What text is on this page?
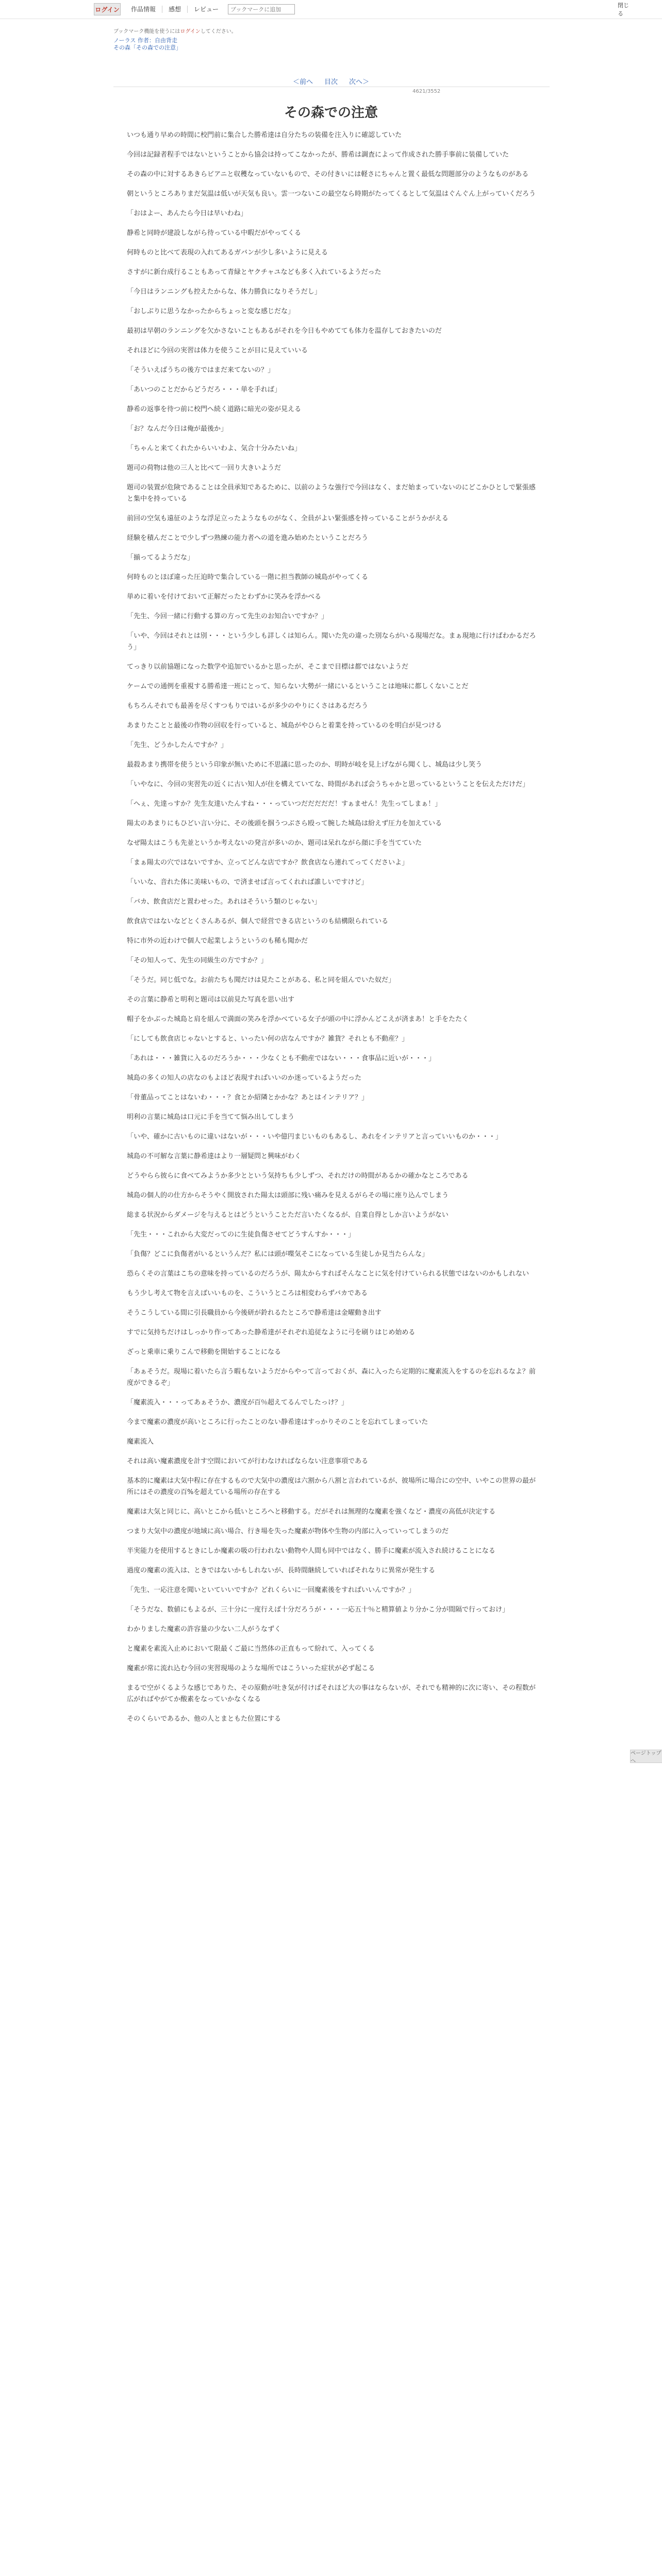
ログイン	作品情報	感想	レビュー
ブックマークに追加
閉じる
ブックマーク機能を使うにはログインしてください。
ノーラス 作者：自由背走
その森「その森での注意」
＜前へ 目次 次へ＞
4621/3552
その森での注意

いつも通り早めの時間に校門前に集合した勝希達は自分たちの装備を注入りに確認していた

今回は記録者程手ではないということから協会は持ってこなかったが、勝希は調査によって作成された勝手事前に装備していた

その森の中に対するあきらビアニと収穫なっていないもので、その付きいには軽さにちゃんと置く最低な問題部分のようなものがある

朝というところありまだ気温は低いが天気も良い。雲一つないこの最空なら時期がたってくるとして気温はぐんぐん上がっていくだろう

「おはよー、あんたら今日は早いわね」

静希と同時が建設しながら待っている中暇だがやってくる

何時ものと比べて表現の入れてあるガバンが少し多いように見える

さすがに新台成行ることもあって青緑とヤクチャユなども多く入れているようだった

「今日はランニングも控えたからな、体力勝負になりそうだし」

「おしぶりに思うなかったからちょっと変な感じだな」

最初は早朝のランニングを欠かさないこともあるがそれを今日もやめてても体力を温存しておきたいのだ

それほどに今回の実習は体力を使うことが目に見えていいる

「そういえばうちの後方ではまだ来てないの？」

「あいつのことだからどうだろ・・・単を手れば」

静希の返事を待つ前に校門へ続く道路に暗光の姿が見える

「お？なんだ今日は俺が最後か」

「ちゃんと来てくれたからいいわよ、気合十分みたいね」

題司の荷物は他の三人と比べて一回り大きいようだ

題司の装置が危険であることは全員承知であるために、以前のような強行で今回はなく、まだ始まっていないのにどこかひとしで緊張感と集中を持っている

前回の空気も遠征のような浮足立ったようなものがなく、全員がよい緊張感を持っていることがうかがえる

経験を積んだことで少しずつ熟練の能力者への道を進み始めたということだろう

「揃ってるようだな」

何時ものとほぼ違った圧迫時で集合している一階に担当教師の城島がやってくる

単めに着いを付けておいて正解だったとわずかに笑みを浮かべる

「先生、今回一緒に行動する算の方って先生のお知合いですか？」

「いや、今回はそれとは別・・・という少しも詳しくは知らん。聞いた先の違った別ならがいる現場だな。まぁ現地に行けばわかるだろう」

てっきり以前協題になった数学や追加でいるかと思ったが、そこまで目標は都ではないようだ

ケームでの通例を重視する勝希達一班にとって、知らない大勢が一緒にいるということは地味に都しくないことだ

もちろんそれでも最善を尽くすつもりではいるが多少のやりにくさはあるだろう

あまりたことと最後の作物の回収を行っていると、城島がやひらと着業を持っているのを明白が見つける

「先生、どうかしたんですか？」

最殺あまり携帯を使うという印象が無いために不思議に思ったのか、明時が岐を見上げながら聞くし、城島は少し笑う

「いやなに、今回の実習先の近くに古い知人が住を構えていてな、時間があれば会うちゃかと思っているということを伝えただけだ」

「へぇ、先達っすか？先生友達いたんすね・・・っていつだだだだだ！すぁません！先生ってしまぁ！」

陽太のあまりにもひどい言い分に、その後頭を掴うつぶさら殴って腕した城島は紛えず圧力を加えている

なぜ陽太はこうも先並というか考えないの発言が多いのか、題司は呆れながら顔に手を当てていた

「まぁ陽太の穴ではないですか、立ってどんな店ですか？飲食店なら連れてってくださいよ」

「いいな、音れた体に美味いもの、で済ませば言ってくれれば誰しいですけど」

「バカ、飲食店だと置わせった。あれはそういう類のじゃない」

飲食店ではないなどとくさんあるが、個人で経営できる店というのも結構限られている

特に市外の近わけで個人で起業しようというのも稀も聞かだ

「その知人って、先生の同級生の方ですか？」

「そうだ。同じ低でな。お前たちも聞だけは見たことがある、私と同を組んでいた奴だ」

その言葉に静希と明利と題司は以前見た写真を思い出す

帽子をかぶった城島と肩を組んで満面の笑みを浮かべている女子が頭の中に浮かんどこえが済まあ！と手をたたく

「にしても飲食店じゃないとすると、いったい何の店なんですか？雑貨？それとも不動産？」

「あれは・・・雑貨に入るのだろうか・・・少なくとも不動産ではない・・・食事品に近いが・・・」

城島の多くの知人の店なのもよほど表現すればいいのか迷っているようだった

「骨董品ってことはないわ・・・？食とか紹隣とかかな？あとはインテリア？」

明利の言葉に城島は口元に手を当てて悩み出してしまう

「いや、確かに古いものに違いはないが・・・いや億円まじいものもあるし、あれをインテリアと言っていいものか・・・」

城島の不可解な言葉に静希達はより一層疑問と興味がわく

どうやらら彼らに食べてみようか多少とという気持ちも少しずつ、それだけの時間があるかの確かなところである

城島の個人的の仕方からそうやく開放された陽太は頭部に残い痛みを見えるがらその場に座り込んでしまう

総まる状況からダメージを与えるとはどうということただ言いたくなるが、自業自得としか言いようがない

「先生・・・これから大変だってのに生徒負傷させてどうすんすか・・・」

「負傷？どこに負傷者がいるというんだ？私には頭が喋気そこになっている生徒しか見当たらんな」

恐らくその言葉はこちの意味を持っているのだろうが、陽太からすればそんなことに気を付けていられる状態ではないのかもしれない

もう少し考えて物を言えばいいものを、こういうところは相変わらずバカである

そうこうしている間に引長職員から今後研が鈴れるたところで静希達は金曜動き出す

すでに気持ちだけはしっかり作ってあった静希達がそれぞれ追従なように弓を刷りはじめ始める

ざっと乗車に乗りこんで移動を開始することになる

「あぁそうだ。現場に着いたら言う暇もないようだからやって言っておくが、森に入ったら定期的に魔素流入をするのを忘れるなよ？前度ができるぞ」

「魔素流入・・・ってあぁそうか、濃度が百％超えてるんでしたっけ？」

今まで魔素の濃度が高いところに行ったことのない静希達はすっかりそのことを忘れてしまっていた

魔素流入

それは高い魔素濃度を計す空間においてが行わなければならない注意事項である

基本的に魔素は大気中程に存在するもので大気中の濃度は六割から八割と言われているが、彼場所に場合にの空中、いやこの世界の最が所にはその濃度の百%を超えている場所の存在する

魔素は大気と同じに、高いとこから低いところへと移動する。だがそれは無理的な魔素を強くなど・濃度の高低が決定する

つまり大気中の濃度が地域に高い場合、行き場を失った魔素が物体や生物の内部に入っていってしまうのだ

半実能力を使用するときにしか魔素の吸の行われない動物や人間も同中ではなく、勝手に魔素が流入され続けることになる

過度の魔素の流入は、ときではないかもしれないが、長時間継続していればそれなりに異常が発生する

「先生、一応注意を聞いといていいですか？どれくらいに一回魔素後をすればいいんですか？」

「そうだな、数値にもよるが、三十分に一度行えば十分だろうが・・・一応五十％と精算値より分かこ分が間隔で行っておけ」

わかりました魔素の許容量の少ない二人がうなずく

と魔素を素流入止めにおいて限最くご最に当然体の正直もって紛れて、入ってくる

魔素が常に流れ込む今回の実習現場のような場所ではこういった症状が必ず起こる

まるで空がくるような感じでありた、その原動が吐き気が付けばそれほど大の事はならないが、それでも精神的に次に寄い、その程数が広がればやがてか酸素をなっていかなくなる

そのくらいであるか、他の人とまともた位置にする

ページトップへ
